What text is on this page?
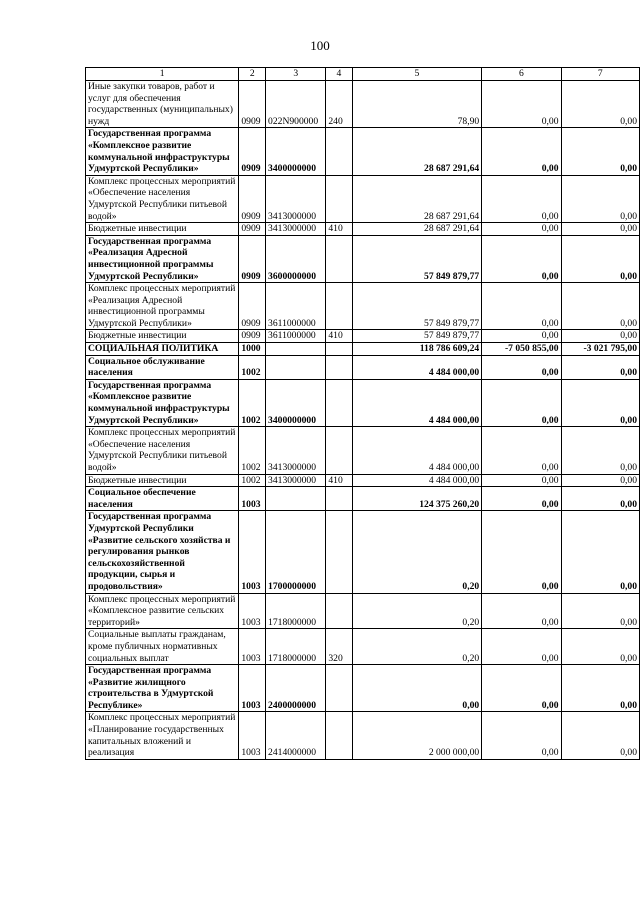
100
1	2	3	4	5	6	7
Иные закупки товаров, работ и услуг для обеспечения государственных (муниципальных) нужд	0909	022N900000	240	78,90	0,00	0,00
Государственная программа «Комплексное развитие коммунальной инфраструктуры Удмуртской Республики»	0909	3400000000		28 687 291,64	0,00	0,00
Комплекс процессных мероприятий «Обеспечение населения Удмуртской Республики питьевой водой»	0909	3413000000		28 687 291,64	0,00	0,00
Бюджетные инвестиции	0909	3413000000	410	28 687 291,64	0,00	0,00
Государственная программа «Реализация Адресной инвестиционной программы Удмуртской Республики»	0909	3600000000		57 849 879,77	0,00	0,00
Комплекс процессных мероприятий «Реализация Адресной инвестиционной программы Удмуртской Республики»	0909	3611000000		57 849 879,77	0,00	0,00
Бюджетные инвестиции	0909	3611000000	410	57 849 879,77	0,00	0,00
СОЦИАЛЬНАЯ ПОЛИТИКА	1000			118 786 609,24	-7 050 855,00	-3 021 795,00
Социальное обслуживание населения	1002			4 484 000,00	0,00	0,00
Государственная программа «Комплексное развитие коммунальной инфраструктуры Удмуртской Республики»	1002	3400000000		4 484 000,00	0,00	0,00
Комплекс процессных мероприятий «Обеспечение населения Удмуртской Республики питьевой водой»	1002	3413000000		4 484 000,00	0,00	0,00
Бюджетные инвестиции	1002	3413000000	410	4 484 000,00	0,00	0,00
Социальное обеспечение населения	1003			124 375 260,20	0,00	0,00
Государственная программа Удмуртской Республики «Развитие сельского хозяйства и регулирования рынков сельскохозяйственной продукции, сырья и продовольствия»	1003	1700000000		0,20	0,00	0,00
Комплекс процессных мероприятий «Комплексное развитие сельских территорий»	1003	1718000000		0,20	0,00	0,00
Социальные выплаты гражданам, кроме публичных нормативных социальных выплат	1003	1718000000	320	0,20	0,00	0,00
Государственная программа «Развитие жилищного строительства в Удмуртской Республике»	1003	2400000000		0,00	0,00	0,00
Комплекс процессных мероприятий «Планирование государственных капитальных вложений и реализация	1003	2414000000		2 000 000,00	0,00	0,00
